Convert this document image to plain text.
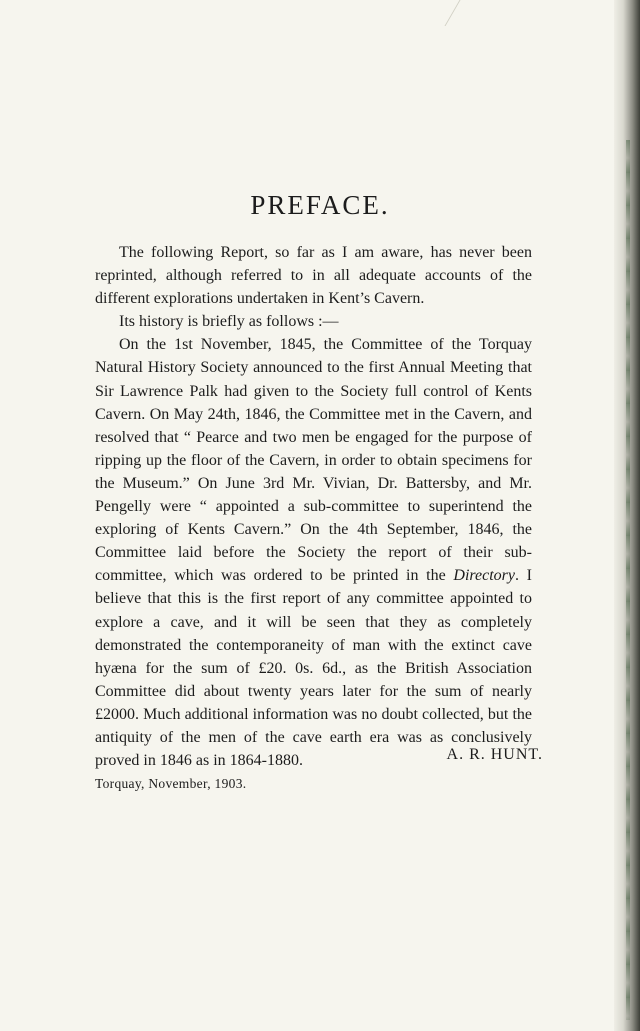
PREFACE.

The following Report, so far as I am aware, has never been reprinted, although referred to in all adequate accounts of the different explorations undertaken in Kent’s Cavern.

Its history is briefly as follows :—

On the 1st November, 1845, the Committee of the Torquay Natural History Society announced to the first Annual Meeting that Sir Lawrence Palk had given to the Society full control of Kents Cavern. On May 24th, 1846, the Committee met in the Cavern, and resolved that “ Pearce and two men be engaged for the purpose of ripping up the floor of the Cavern, in order to obtain specimens for the Museum.” On June 3rd Mr. Vivian, Dr. Battersby, and Mr. Pengelly were “ appointed a sub-committee to superintend the exploring of Kents Cavern.” On the 4th September, 1846, the Committee laid before the Society the report of their sub-committee, which was ordered to be printed in the Directory. I believe that this is the first report of any committee appointed to explore a cave, and it will be seen that they as completely demonstrated the contemporaneity of man with the extinct cave hyæna for the sum of £20. 0s. 6d., as the British Association Committee did about twenty years later for the sum of nearly £2000. Much additional information was no doubt collected, but the antiquity of the men of the cave earth era was as conclusively proved in 1846 as in 1864-1880.	A. R. HUNT.
Torquay, November, 1903.
